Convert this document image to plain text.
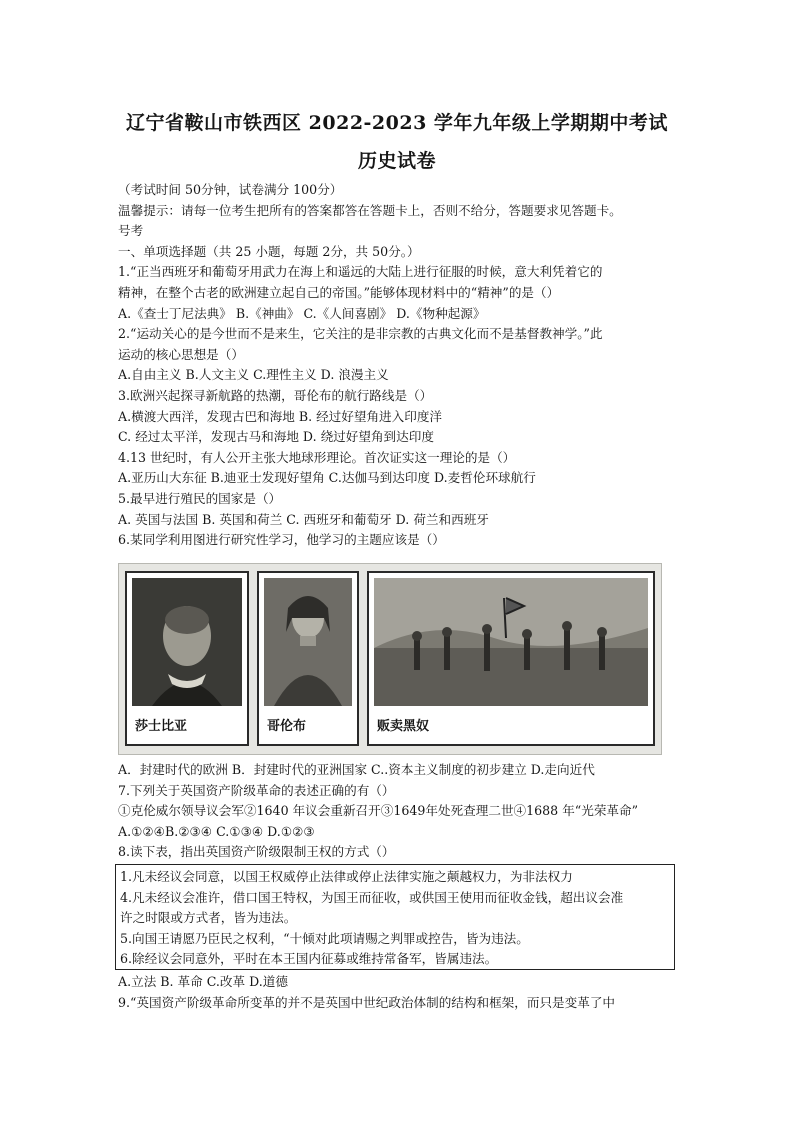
辽宁省鞍山市铁西区 2022-2023 学年九年级上学期期中考试
历史试卷
（考试时间 50分钟，试卷满分 100分）
温馨提示：请每一位考生把所有的答案都答在答题卡上，否则不给分，答题要求见答题卡。
号考
一、单项选择题（共 25 小题，每题 2分，共 50分。）
1.“正当西班牙和葡萄牙用武力在海上和遥远的大陆上进行征服的时候，意大利凭着它的
精神，在整个古老的欧洲建立起自己的帝国。”能够体现材料中的“精神”的是（）
A.《查士丁尼法典》 B.《神曲》 C.《人间喜剧》 D.《物种起源》
2.“运动关心的是今世而不是来生，它关注的是非宗教的古典文化而不是基督教神学。”此
运动的核心思想是（）
A.自由主义 B.人文主义 C.理性主义 D. 浪漫主义
3.欧洲兴起探寻新航路的热潮，哥伦布的航行路线是（）
A.横渡大西洋，发现古巴和海地 B. 经过好望角进入印度洋
C. 经过太平洋，发现古马和海地 D. 绕过好望角到达印度
4.13 世纪时，有人公开主张大地球形理论。首次证实这一理论的是（）
A.亚历山大东征 B.迪亚士发现好望角 C.达伽马到达印度 D.麦哲伦环球航行
5.最早进行殖民的国家是（）
A. 英国与法国 B. 英国和荷兰 C. 西班牙和葡萄牙 D. 荷兰和西班牙
6.某同学利用图进行研究性学习，他学习的主题应该是（）
莎士比亚	哥伦布	贩卖黑奴
A．封建时代的欧洲 B．封建时代的亚洲国家 C..资本主义制度的初步建立 D.走向近代
7.下列关于英国资产阶级革命的表述正确的有（）
①克伦威尔领导议会军②1640 年议会重新召开③1649年处死查理二世④1688 年“光荣革命”
A.①②④B.②③④ C.①③④ D.①②③
8.读下表，指出英国资产阶级限制王权的方式（）
1.凡未经议会同意，以国王权威停止法律或停止法律实施之颠越权力，为非法权力
4.凡未经议会准许，借口国王特权，为国王而征收，或供国王使用而征收金钱，超出议会准
许之时限或方式者，皆为违法。
5.向国王请愿乃臣民之权利，“十倾对此项请赐之判罪或控告，皆为违法。
6.除经议会同意外，平时在本王国内征募或维持常备军，皆属违法。
A.立法 B. 革命 C.改革 D.道德
9.“英国资产阶级革命所变革的并不是英国中世纪政治体制的结构和框架，而只是变革了中
